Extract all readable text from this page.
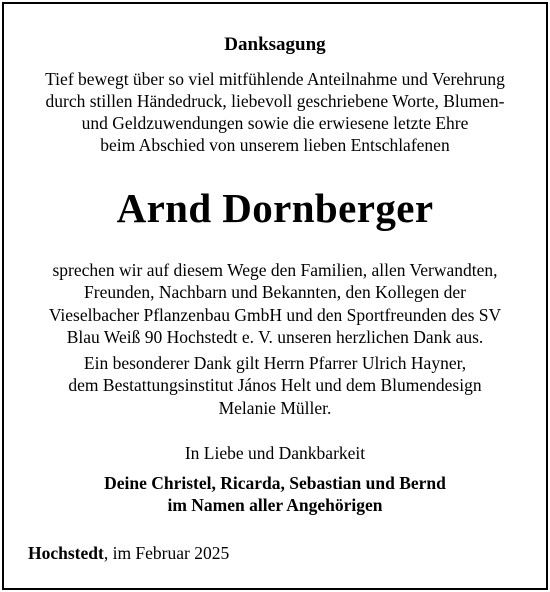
Danksagung
Tief bewegt über so viel mitfühlende Anteilnahme und Verehrung
durch stillen Händedruck, liebevoll geschriebene Worte, Blumen-
und Geldzuwendungen sowie die erwiesene letzte Ehre
beim Abschied von unserem lieben Entschlafenen
Arnd Dornberger
sprechen wir auf diesem Wege den Familien, allen Verwandten,
Freunden, Nachbarn und Bekannten, den Kollegen der
Vieselbacher Pflanzenbau GmbH und den Sportfreunden des SV
Blau Weiß 90 Hochstedt e. V. unseren herzlichen Dank aus.
Ein besonderer Dank gilt Herrn Pfarrer Ulrich Hayner,
dem Bestattungsinstitut János Helt und dem Blumendesign
Melanie Müller.
In Liebe und Dankbarkeit
Deine Christel, Ricarda, Sebastian und Bernd
im Namen aller Angehörigen
Hochstedt, im Februar 2025
